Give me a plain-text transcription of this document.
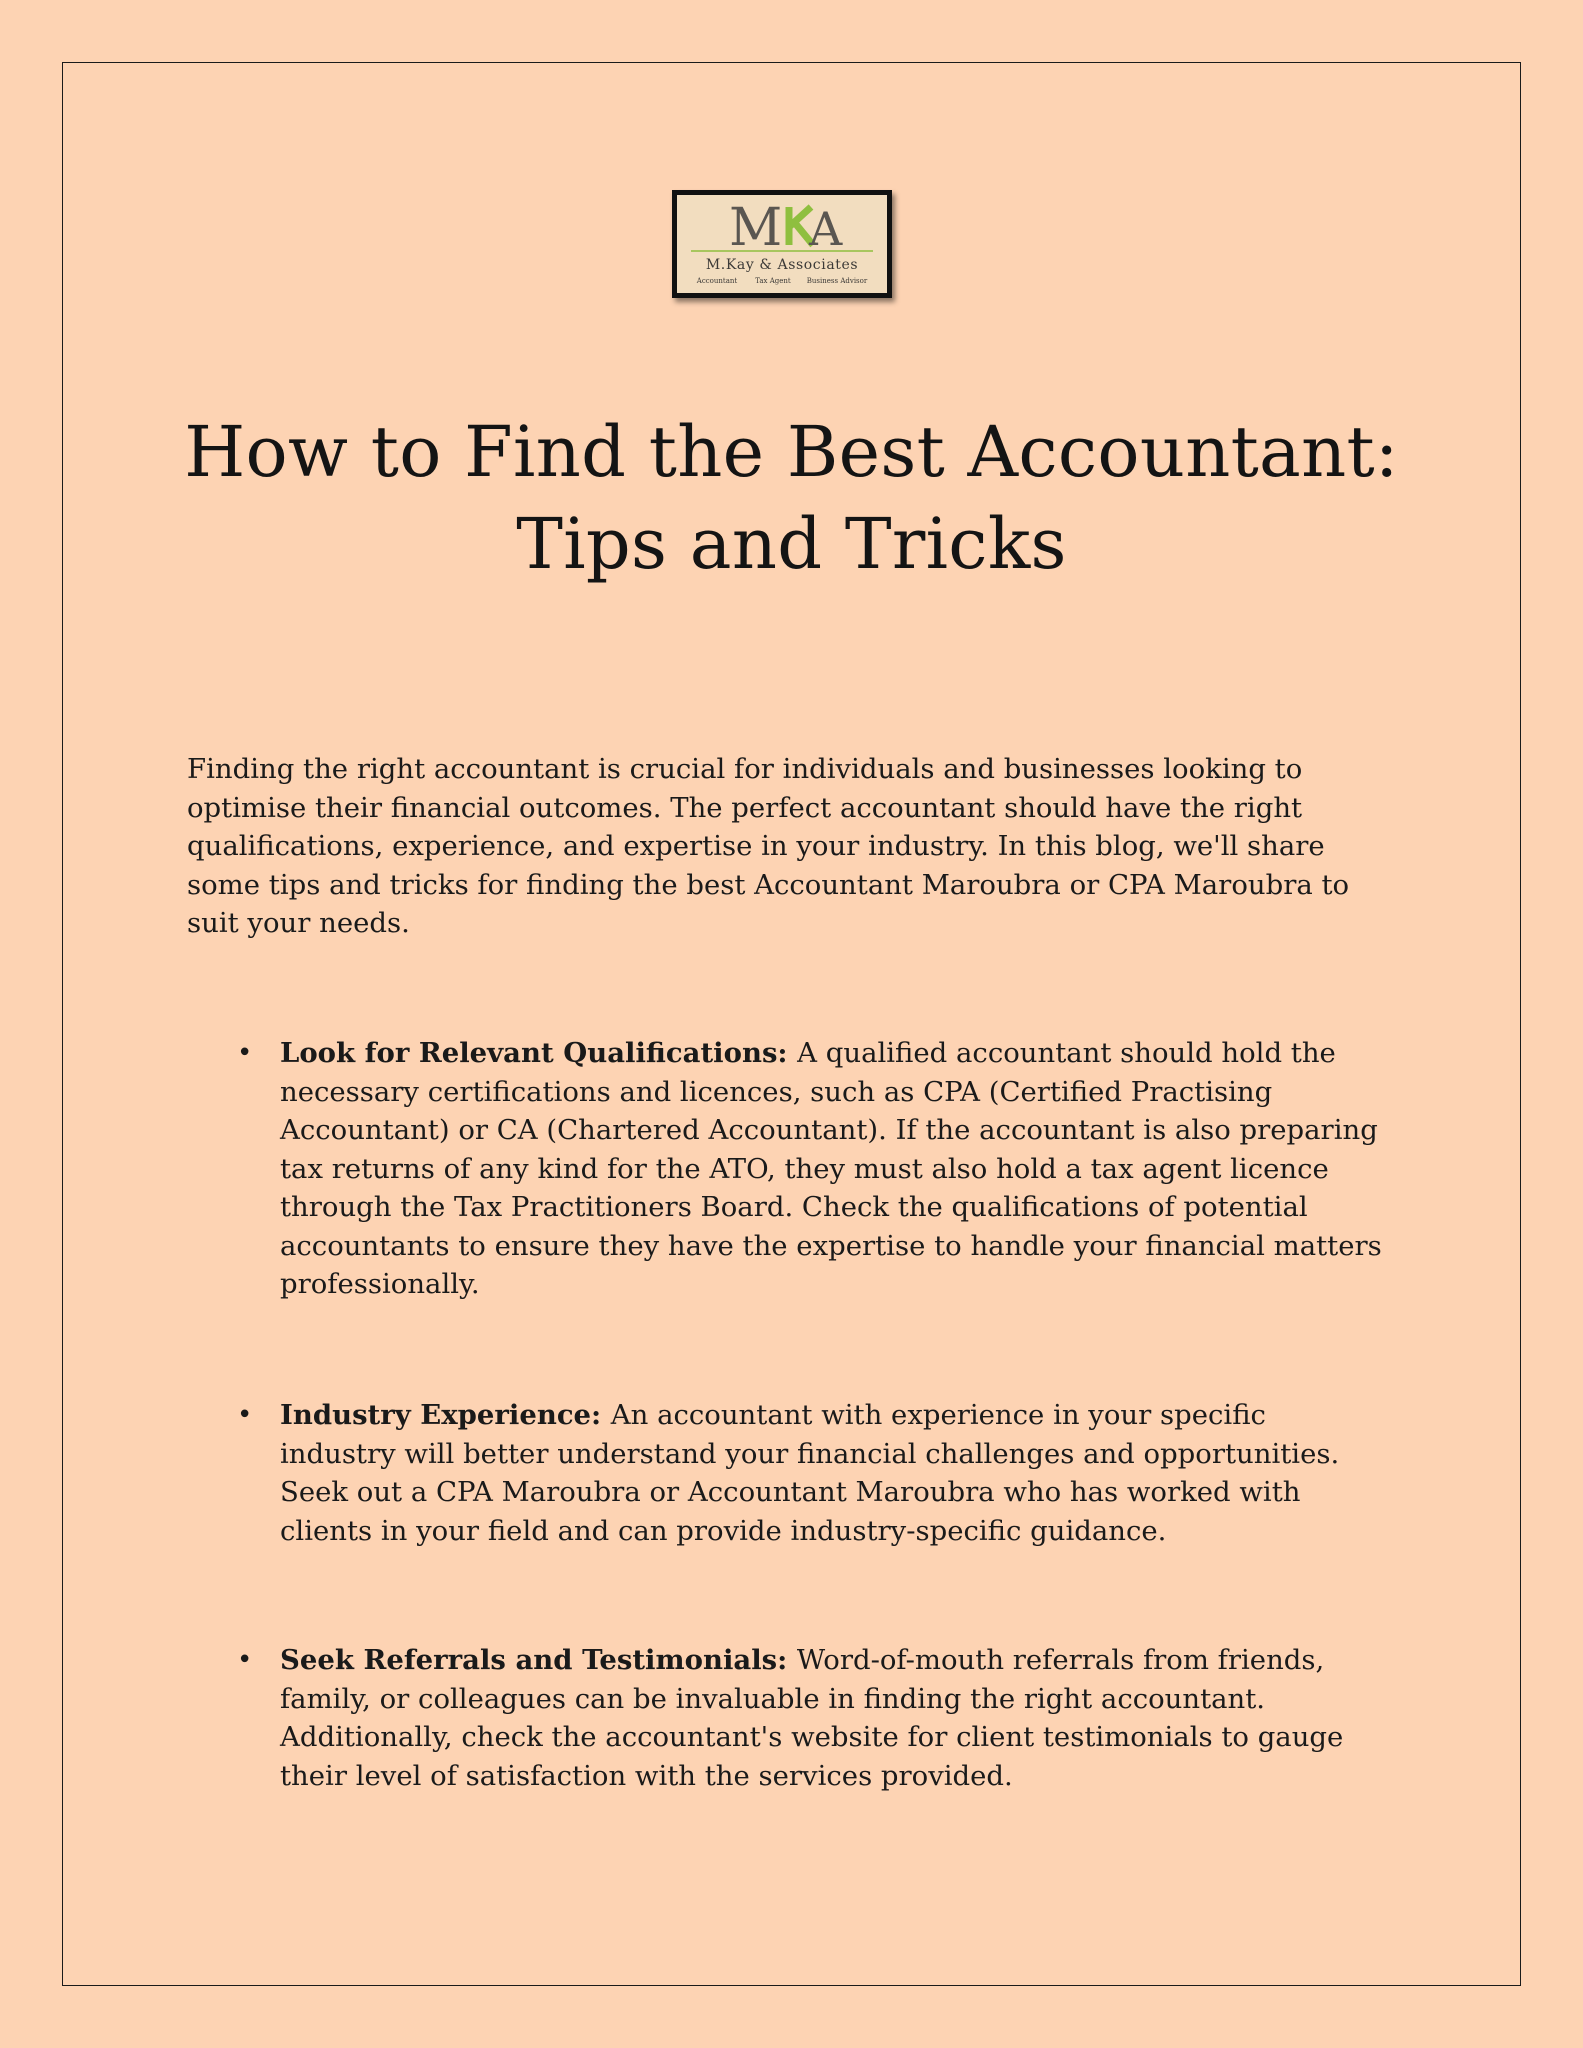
M A
M.Kay & Associates
Accountant	Tax Agent Business Advisor
How to Find the Best Accountant:
Tips and Tricks

Finding the right accountant is crucial for individuals and businesses looking to optimise their financial outcomes. The perfect accountant should have the right qualifications, experience, and expertise in your industry. In this blog, we'll share some tips and tricks for finding the best Accountant Maroubra or CPA Maroubra to suit your needs.

• Look for Relevant Qualifications: A qualified accountant should hold the necessary certifications and licences, such as CPA (Certified Practising Accountant) or CA (Chartered Accountant). If the accountant is also preparing tax returns of any kind for the ATO, they must also hold a tax agent licence through the Tax Practitioners Board. Check the qualifications of potential accountants to ensure they have the expertise to handle your financial matters professionally.
• Industry Experience: An accountant with experience in your specific industry will better understand your financial challenges and opportunities. Seek out a CPA Maroubra or Accountant Maroubra who has worked with clients in your field and can provide industry-specific guidance.
• Seek Referrals and Testimonials: Word-of-mouth referrals from friends, family, or colleagues can be invaluable in finding the right accountant. Additionally, check the accountant's website for client testimonials to gauge their level of satisfaction with the services provided.
